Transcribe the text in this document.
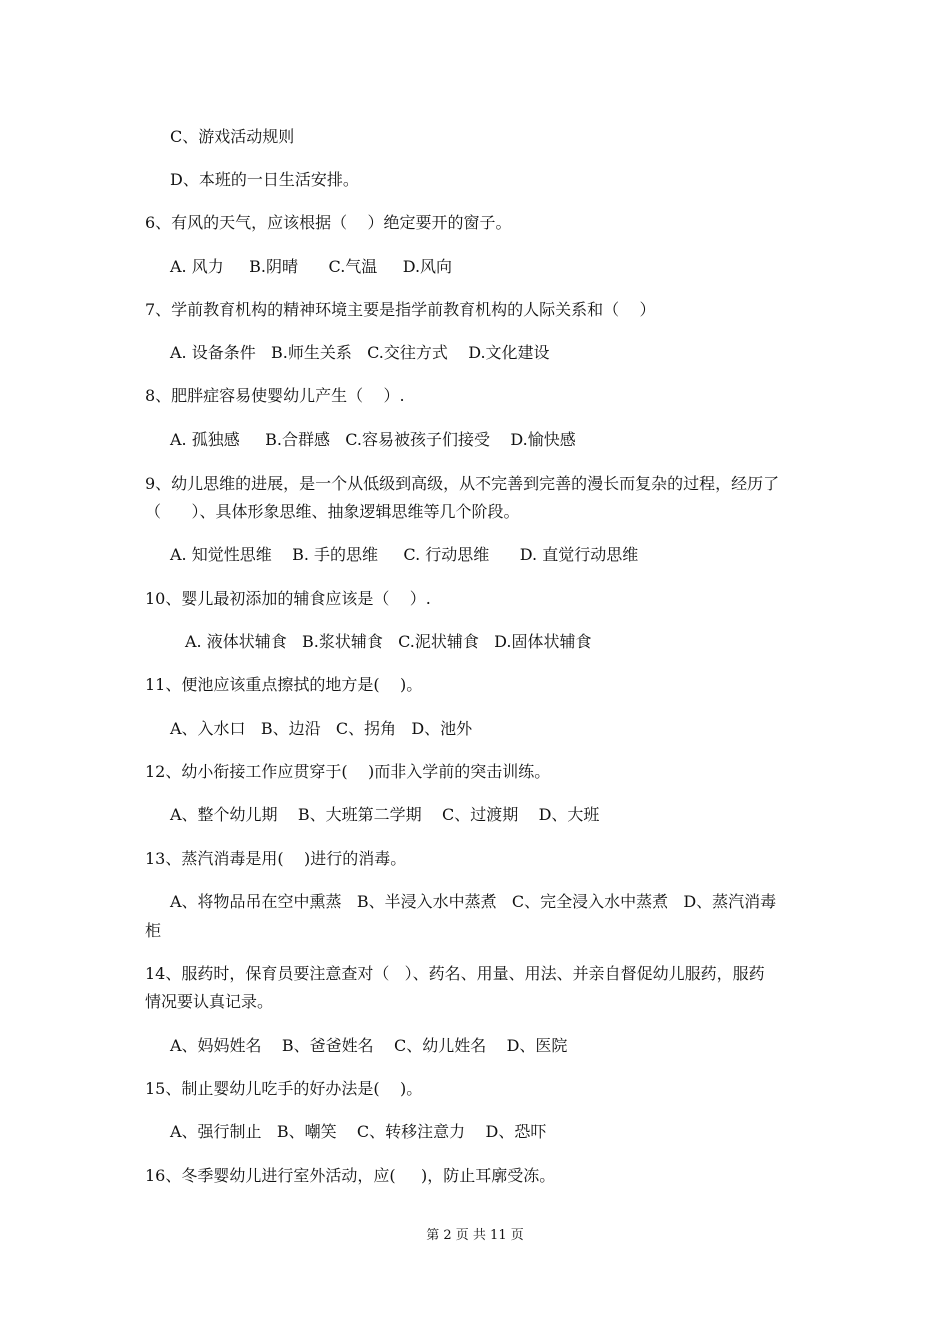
C、游戏活动规则
D、本班的一日生活安排。
6、有风的天气，应该根据（    ）绝定要开的窗子。
A. 风力     B.阴晴      C.气温     D.风向
7、学前教育机构的精神环境主要是指学前教育机构的人际关系和（    ）
A. 设备条件   B.师生关系   C.交往方式    D.文化建设
8、肥胖症容易使婴幼儿产生（    ）.
A. 孤独感     B.合群感   C.容易被孩子们接受    D.愉快感
9、幼儿思维的进展，是一个从低级到高级，从不完善到完善的漫长而复杂的过程，经历了
（      ）、具体形象思维、抽象逻辑思维等几个阶段。
A. 知觉性思维    B. 手的思维     C. 行动思维      D. 直觉行动思维
10、婴儿最初添加的辅食应该是（    ）.
A. 液体状辅食   B.浆状辅食   C.泥状辅食   D.固体状辅食
11、便池应该重点擦拭的地方是(    )。
A、入水口   B、边沿   C、拐角   D、池外
12、幼小衔接工作应贯穿于(    )而非入学前的突击训练。
A、整个幼儿期    B、大班第二学期    C、过渡期    D、大班
13、蒸汽消毒是用(    )进行的消毒。
A、将物品吊在空中熏蒸   B、半浸入水中蒸煮   C、完全浸入水中蒸煮   D、蒸汽消毒
柜
14、服药时，保育员要注意查对（   ）、药名、用量、用法、并亲自督促幼儿服药，服药
情况要认真记录。
A、妈妈姓名    B、爸爸姓名    C、幼儿姓名    D、医院
15、制止婴幼儿吃手的好办法是(    )。
A、强行制止   B、嘲笑    C、转移注意力    D、恐吓
16、冬季婴幼儿进行室外活动，应(     )，防止耳廓受冻。
第 2 页 共 11 页
